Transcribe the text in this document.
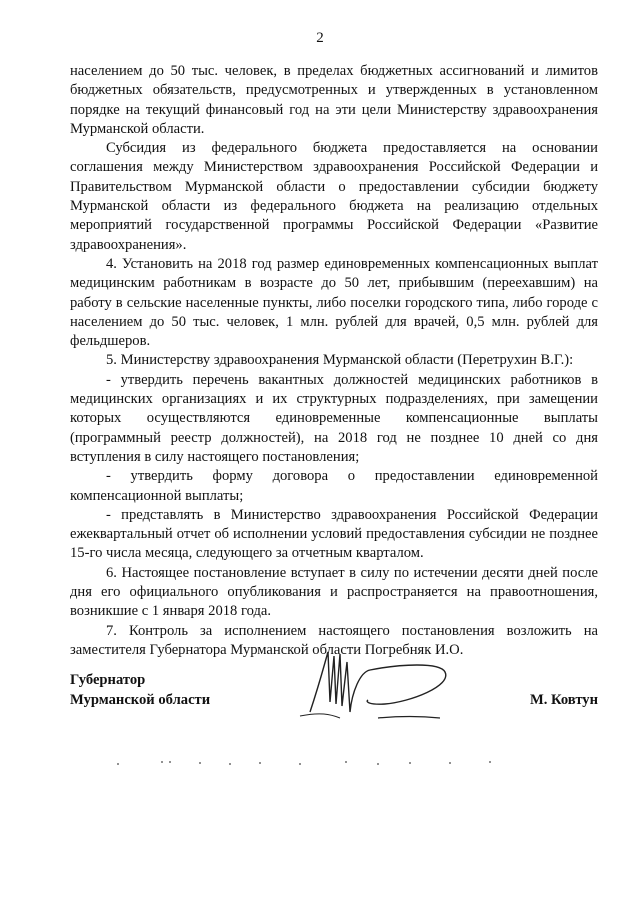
2

населением до 50 тыс. человек, в пределах бюджетных ассигнований и лимитов бюджетных обязательств, предусмотренных и утвержденных в установленном порядке на текущий финансовый год на эти цели Министерству здравоохранения Мурманской области.

Субсидия из федерального бюджета предоставляется на основании соглашения между Министерством здравоохранения Российской Федерации и Правительством Мурманской области о предоставлении субсидии бюджету Мурманской области из федерального бюджета на реализацию отдельных мероприятий государственной программы Российской Федерации «Развитие здравоохранения».

4. Установить на 2018 год размер единовременных компенсационных выплат медицинским работникам в возрасте до 50 лет, прибывшим (переехавшим) на работу в сельские населенные пункты, либо поселки городского типа, либо городе с населением до 50 тыс. человек, 1 млн. рублей для врачей, 0,5 млн. рублей для фельдшеров.

5. Министерству здравоохранения Мурманской области (Перетрухин В.Г.):

- утвердить перечень вакантных должностей медицинских работников в медицинских организациях и их структурных подразделениях, при замещении которых осуществляются единовременные компенсационные выплаты (программный реестр должностей), на 2018 год не позднее 10 дней со дня вступления в силу настоящего постановления;

- утвердить форму договора о предоставлении единовременной компенсационной выплаты;

- представлять в Министерство здравоохранения Российской Федерации ежеквартальный отчет об исполнении условий предоставления субсидии не позднее 15-го числа месяца, следующего за отчетным кварталом.

6. Настоящее постановление вступает в силу по истечении десяти дней после дня его официального опубликования и распространяется на правоотношения, возникшие с 1 января 2018 года.

7. Контроль за исполнением настоящего постановления возложить на заместителя Губернатора Мурманской области Погребняк И.О.

Губернатор
Мурманской области	М. Ковтун
